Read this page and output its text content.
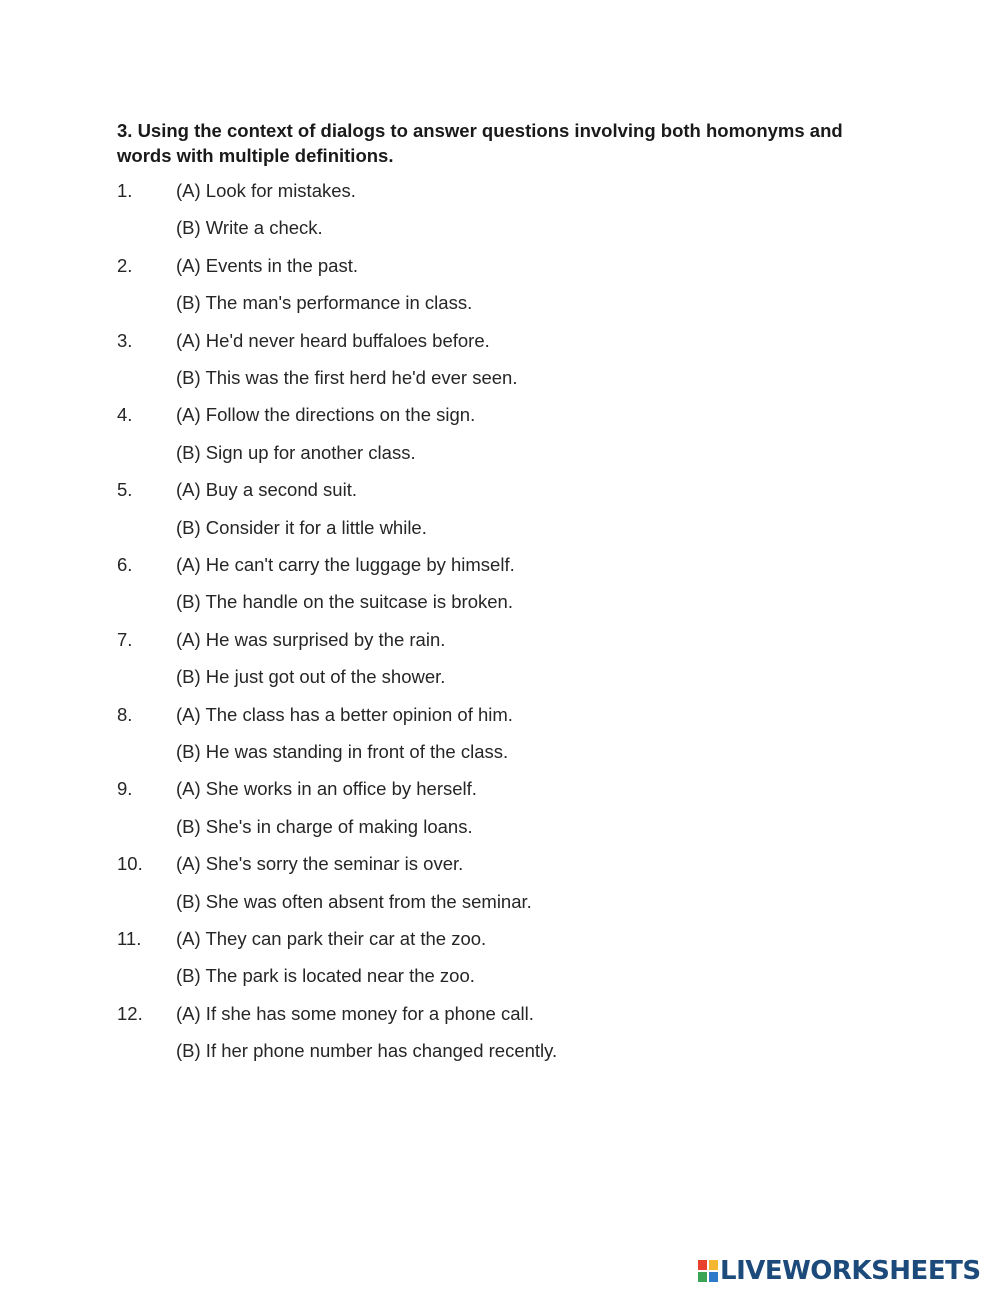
3. Using the context of dialogs to answer questions involving both homonyms and words with multiple definitions.
1. (A) Look for mistakes.
(B) Write a check.
2. (A) Events in the past.
(B) The man's performance in class.
3. (A) He'd never heard buffaloes before.
(B) This was the first herd he'd ever seen.
4. (A) Follow the directions on the sign.
(B) Sign up for another class.
5. (A) Buy a second suit.
(B) Consider it for a little while.
6. (A) He can't carry the luggage by himself.
(B) The handle on the suitcase is broken.
7. (A) He was surprised by the rain.
(B) He just got out of the shower.
8. (A) The class has a better opinion of him.
(B) He was standing in front of the class.
9. (A) She works in an office by herself.
(B) She's in charge of making loans.
10. (A) She's sorry the seminar is over.
(B) She was often absent from the seminar.
11. (A) They can park their car at the zoo.
(B) The park is located near the zoo.
12. (A) If she has some money for a phone call.
(B) If her phone number has changed recently.
LIVEWORKSHEETS
